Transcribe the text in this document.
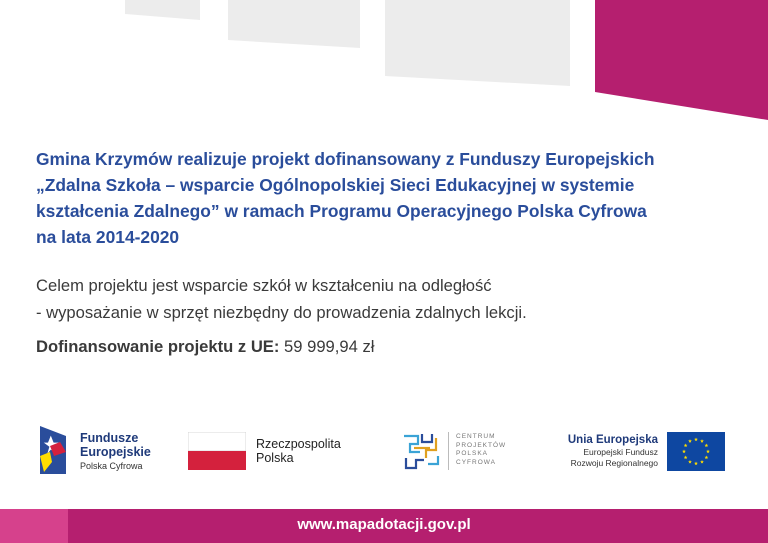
Gmina Krzymów realizuje projekt dofinansowany z Funduszy Europejskich
„Zdalna Szkoła – wsparcie Ogólnopolskiej Sieci Edukacyjnej w systemie
kształcenia Zdalnego” w ramach Programu Operacyjnego Polska Cyfrowa
na lata 2014-2020
Celem projektu jest wsparcie szkół w kształceniu na odległość
- wyposażanie w sprzęt niezbędny do prowadzenia zdalnych lekcji.
Dofinansowanie projektu z UE: 59 999,94 zł
Fundusze
Europejskie
Polska Cyfrowa
Rzeczpospolita
Polska
CENTRUM
PROJEKTÓW
POLSKA
CYFROWA
Unia Europejska
Europejski Fundusz
Rozwoju Regionalnego
www.mapadotacji.gov.pl
